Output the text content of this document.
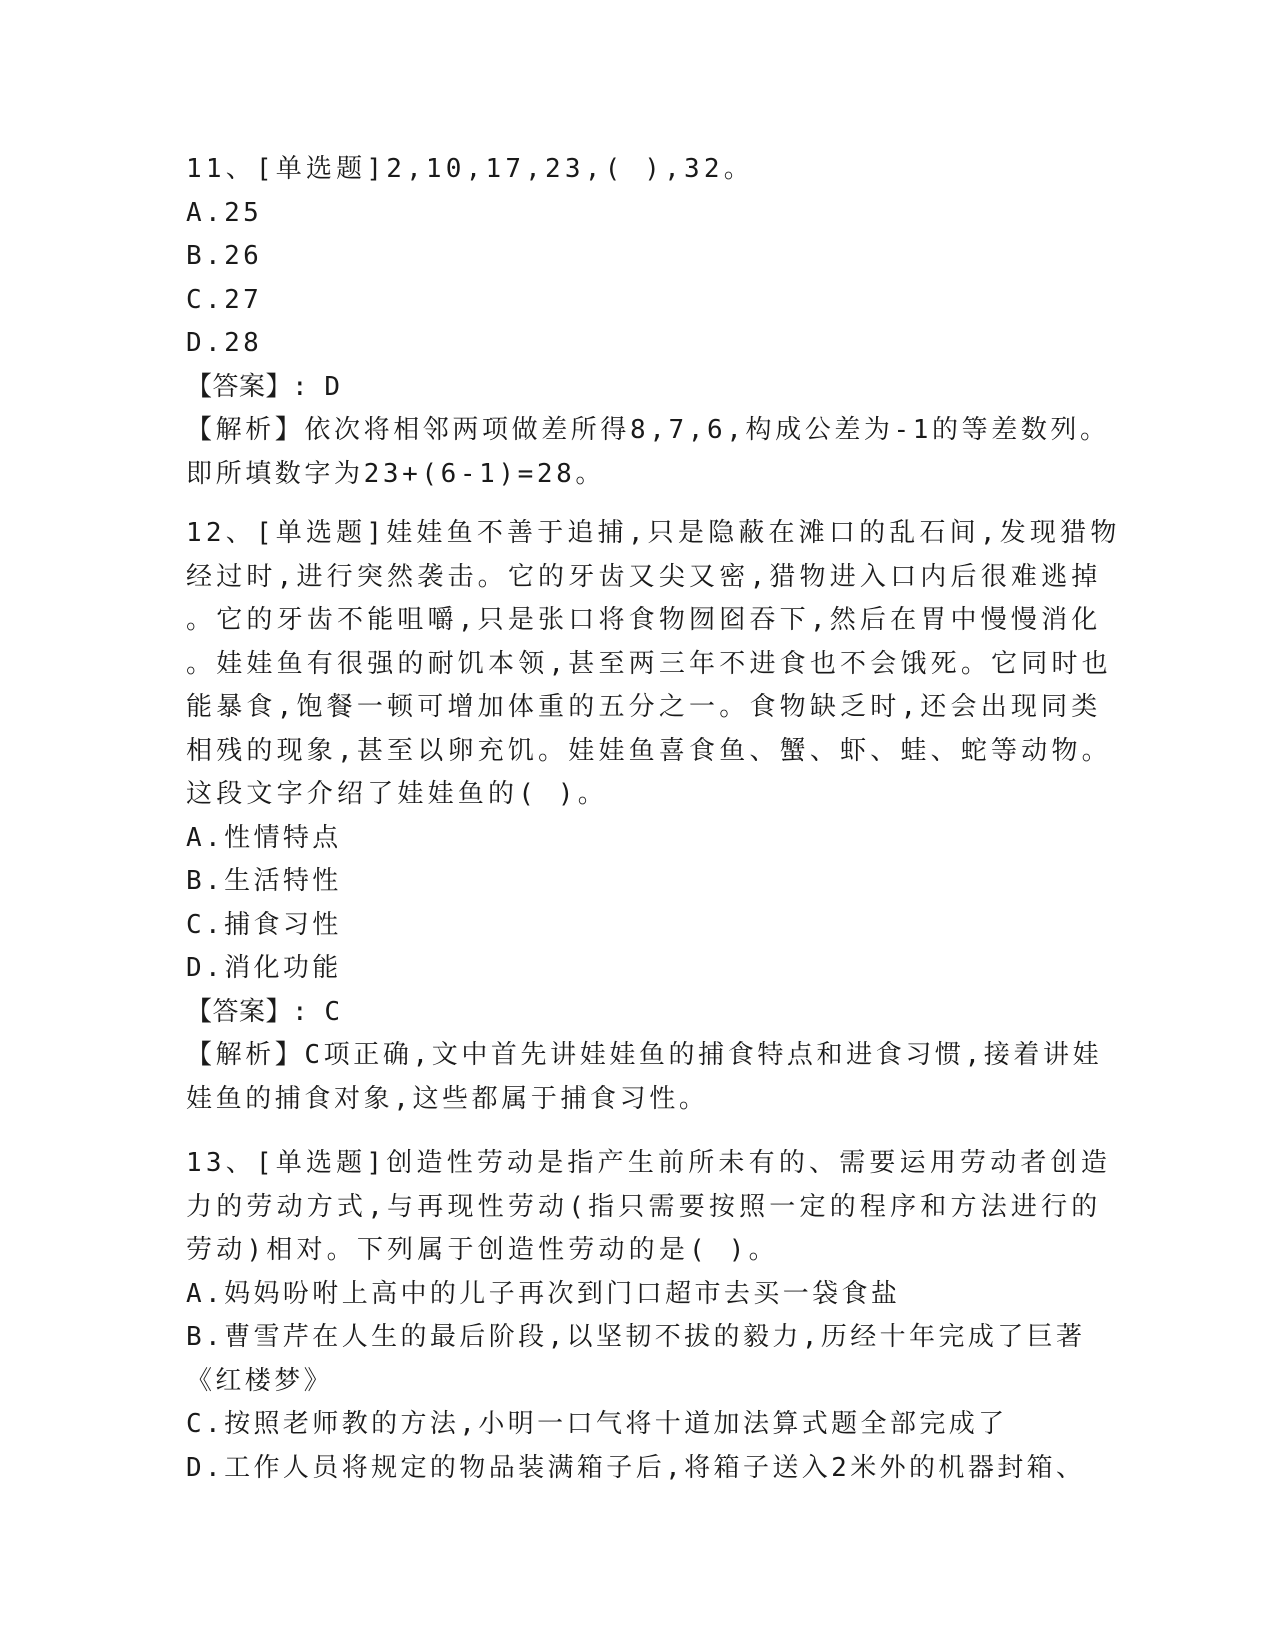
11、[单选题]2,10,17,23,( ),32。
A.25
B.26
C.27
D.28
【答案】: D
【解析】依次将相邻两项做差所得8,7,6,构成公差为-1的等差数列。
即所填数字为23+(6-1)=28。
12、[单选题]娃娃鱼不善于追捕,只是隐蔽在滩口的乱石间,发现猎物
经过时,进行突然袭击。它的牙齿又尖又密,猎物进入口内后很难逃掉
。它的牙齿不能咀嚼,只是张口将食物囫囵吞下,然后在胃中慢慢消化
。娃娃鱼有很强的耐饥本领,甚至两三年不进食也不会饿死。它同时也
能暴食,饱餐一顿可增加体重的五分之一。食物缺乏时,还会出现同类
相残的现象,甚至以卵充饥。娃娃鱼喜食鱼、蟹、虾、蛙、蛇等动物。
这段文字介绍了娃娃鱼的( )。
A.性情特点
B.生活特性
C.捕食习性
D.消化功能
【答案】: C
【解析】C项正确,文中首先讲娃娃鱼的捕食特点和进食习惯,接着讲娃
娃鱼的捕食对象,这些都属于捕食习性。
13、[单选题]创造性劳动是指产生前所未有的、需要运用劳动者创造
力的劳动方式,与再现性劳动(指只需要按照一定的程序和方法进行的
劳动)相对。下列属于创造性劳动的是( )。
A.妈妈吩咐上高中的儿子再次到门口超市去买一袋食盐
B.曹雪芹在人生的最后阶段,以坚韧不拔的毅力,历经十年完成了巨著
《红楼梦》
C.按照老师教的方法,小明一口气将十道加法算式题全部完成了
D.工作人员将规定的物品装满箱子后,将箱子送入2米外的机器封箱、
